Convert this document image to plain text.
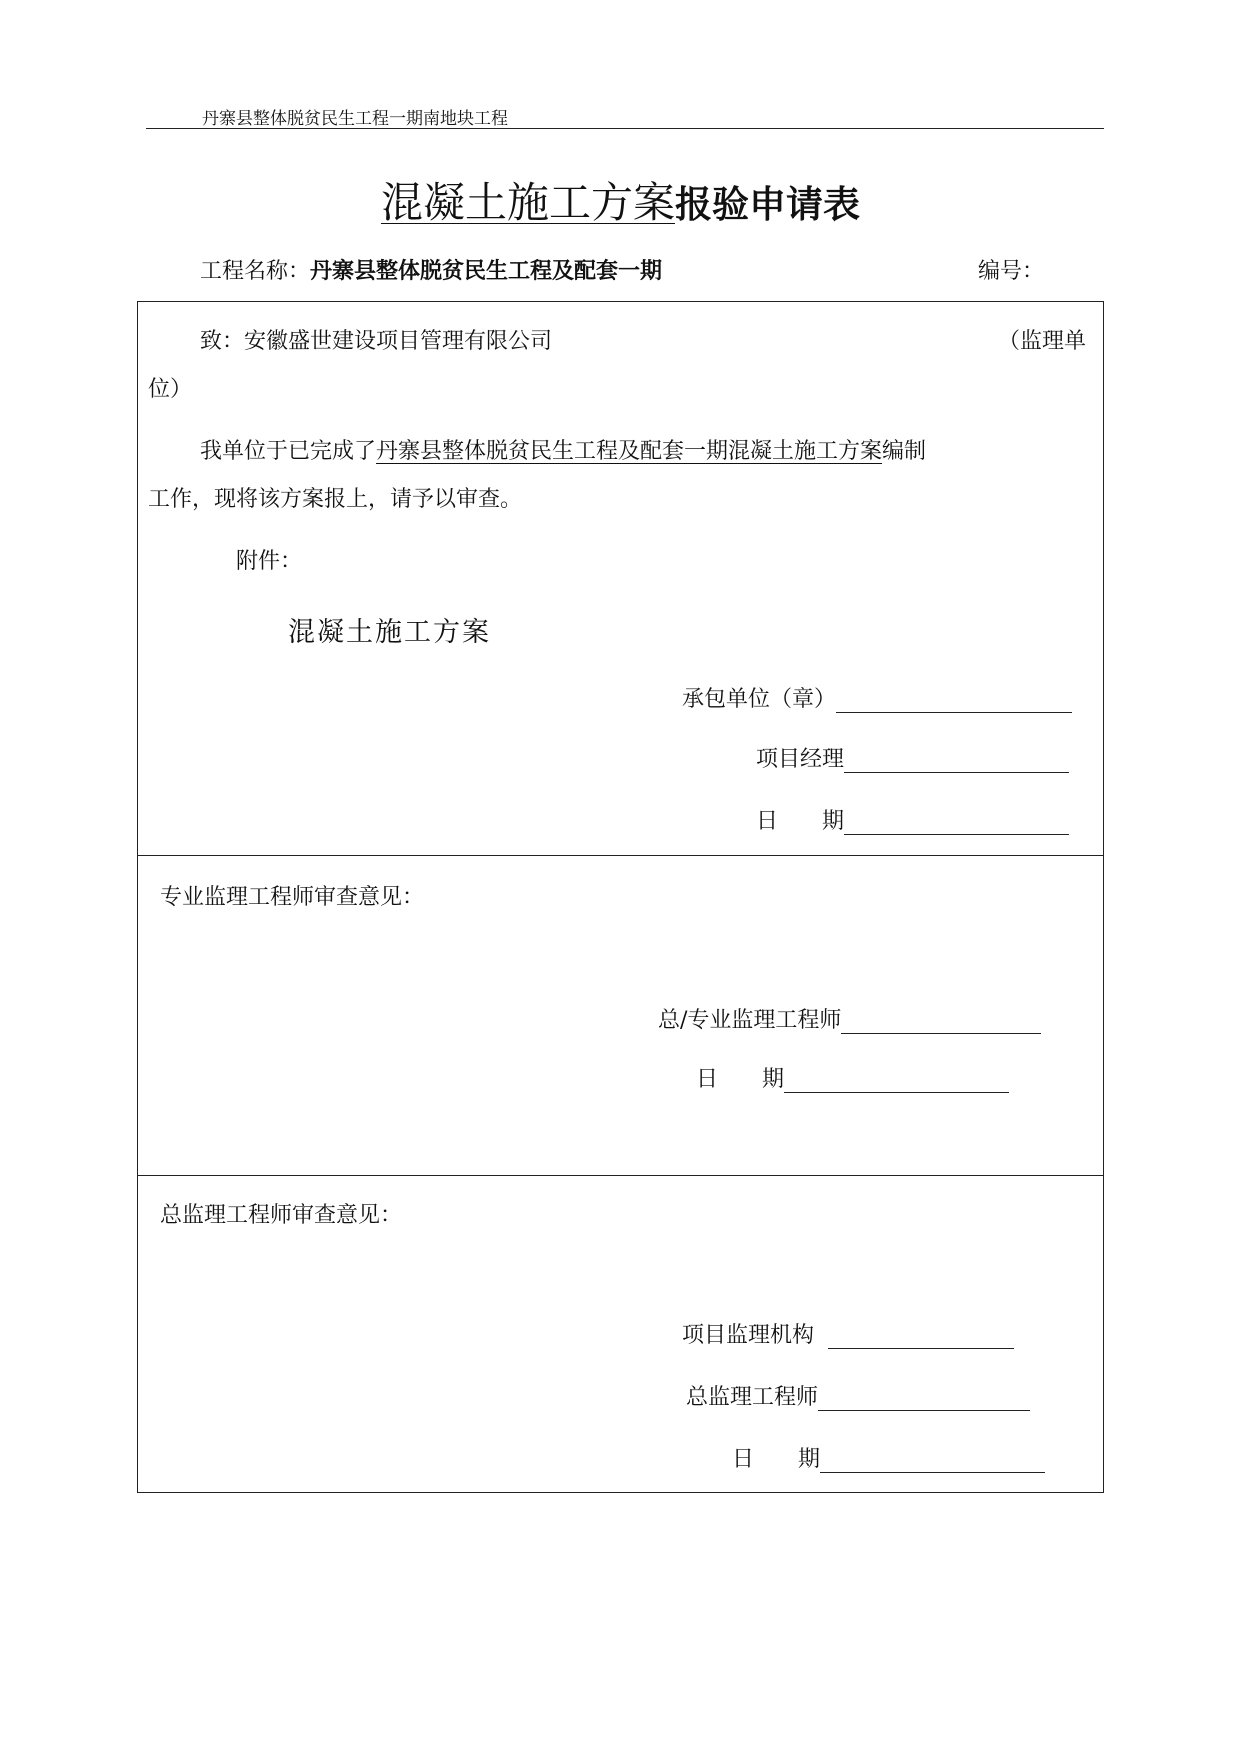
丹寨县整体脱贫民生工程一期南地块工程
混凝土施工方案报验申请表
工程名称：丹寨县整体脱贫民生工程及配套一期	编号：
致：安徽盛世建设项目管理有限公司	（监理单
位）
我单位于已完成了丹寨县整体脱贫民生工程及配套一期混凝土施工方案编制
工作，现将该方案报上，请予以审查。
附件：
混凝土施工方案
承包单位（章）
项目经理
日　　期
专业监理工程师审查意见：
总/专业监理工程师
日　　期
总监理工程师审查意见：
项目监理机构
总监理工程师
日　　期
